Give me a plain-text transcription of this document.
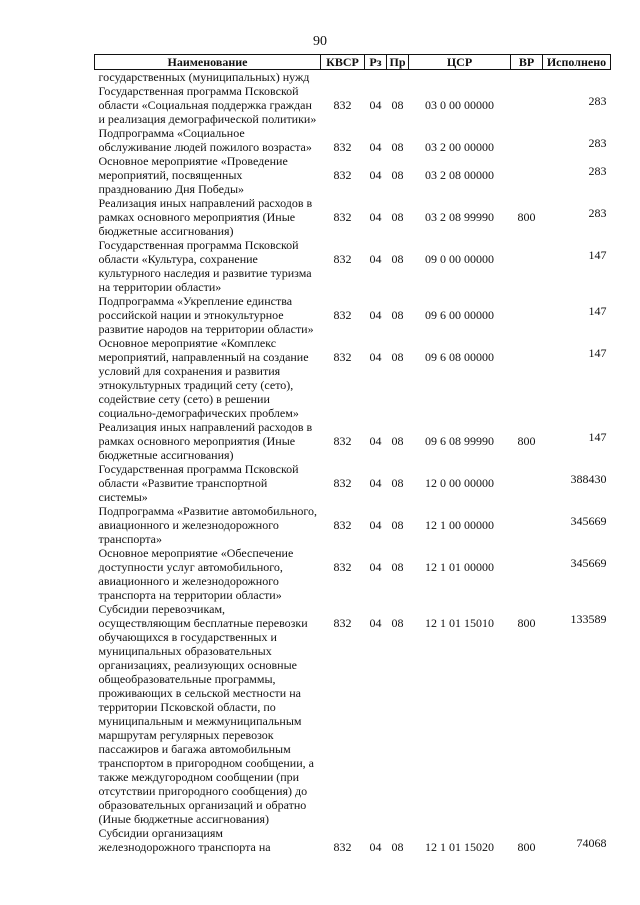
90
Наименование	КВСР	Рз	Пр	ЦСР	ВР	Исполнено
государственных (муниципальных) нужд						
Государственная программа Псковской области «Социальная поддержка граждан и реализация демографической политики»	832	04	08	03 0 00 00000		283
Подпрограмма «Социальное обслуживание людей пожилого возраста»	832	04	08	03 2 00 00000		283
Основное мероприятие «Проведение мероприятий, посвященных празднованию Дня Победы»	832	04	08	03 2 08 00000		283
Реализация иных направлений расходов в рамках основного мероприятия (Иные бюджетные ассигнования)	832	04	08	03 2 08 99990	800	283
Государственная программа Псковской области «Культура, сохранение культурного наследия и развитие туризма на территории области»	832	04	08	09 0 00 00000		147
Подпрограмма «Укрепление единства российской нации и этнокультурное развитие народов на территории области»	832	04	08	09 6 00 00000		147
Основное мероприятие «Комплекс мероприятий, направленный на создание условий для сохранения и развития этнокультурных традиций сету (сето), содействие сету (сето) в решении социально-демографических проблем»	832	04	08	09 6 08 00000		147
Реализация иных направлений расходов в рамках основного мероприятия (Иные бюджетные ассигнования)	832	04	08	09 6 08 99990	800	147
Государственная программа Псковской области «Развитие транспортной системы»	832	04	08	12 0 00 00000		388430
Подпрограмма «Развитие автомобильного, авиационного и железнодорожного транспорта»	832	04	08	12 1 00 00000		345669
Основное мероприятие «Обеспечение доступности услуг автомобильного, авиационного и железнодорожного транспорта на территории области»	832	04	08	12 1 01 00000		345669
Субсидии перевозчикам, осуществляющим бесплатные перевозки обучающихся в государственных и муниципальных образовательных организациях, реализующих основные общеобразовательные программы, проживающих в сельской местности на территории Псковской области, по муниципальным и межмуниципальным маршрутам регулярных перевозок пассажиров и багажа автомобильным транспортом в пригородном сообщении, а также междугородном сообщении (при отсутствии пригородного сообщения) до образовательных организаций и обратно (Иные бюджетные ассигнования)	832	04	08	12 1 01 15010	800	133589
Субсидии организациям железнодорожного транспорта на	832	04	08	12 1 01 15020	800	74068
